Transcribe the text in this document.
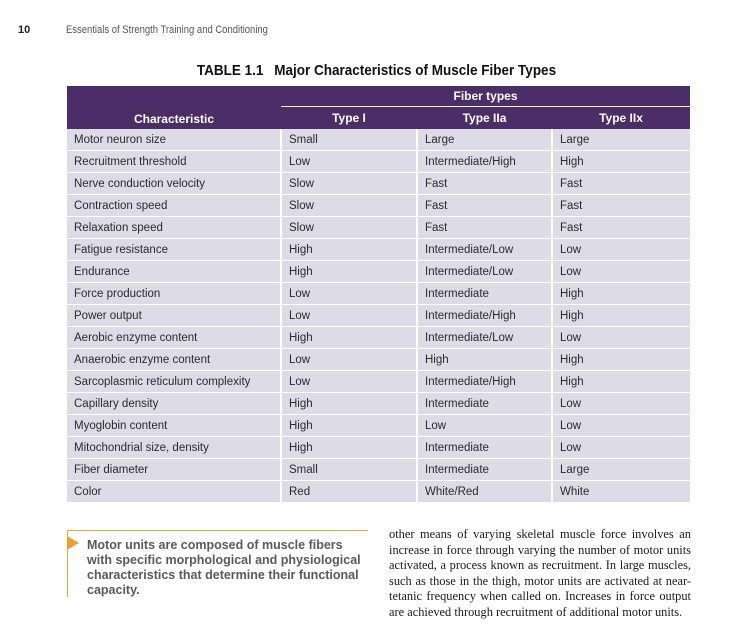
10	Essentials of Strength Training and Conditioning
TABLE 1.1 Major Characteristics of Muscle Fiber Types
Characteristic	Fiber types		
	Type I	Type IIa	Type IIx
Motor neuron size	Small	Large	Large
Recruitment threshold	Low	Intermediate/High	High
Nerve conduction velocity	Slow	Fast	Fast
Contraction speed	Slow	Fast	Fast
Relaxation speed	Slow	Fast	Fast
Fatigue resistance	High	Intermediate/Low	Low
Endurance	High	Intermediate/Low	Low
Force production	Low	Intermediate	High
Power output	Low	Intermediate/High	High
Aerobic enzyme content	High	Intermediate/Low	Low
Anaerobic enzyme content	Low	High	High
Sarcoplasmic reticulum complexity	Low	Intermediate/High	High
Capillary density	High	Intermediate	Low
Myoglobin content	High	Low	Low
Mitochondrial size, density	High	Intermediate	Low
Fiber diameter	Small	Intermediate	Large
Color	Red	White/Red	White
Motor units are composed of muscle fibers with specific morphological and physiological characteristics that determine their functional capacity.
other means of varying skeletal muscle force involves an increase in force through varying the number of motor units activated, a process known as recruitment. In large muscles, such as those in the thigh, motor units are activated at near-tetanic frequency when called on. Increases in force output are achieved through recruitment of additional motor units.
